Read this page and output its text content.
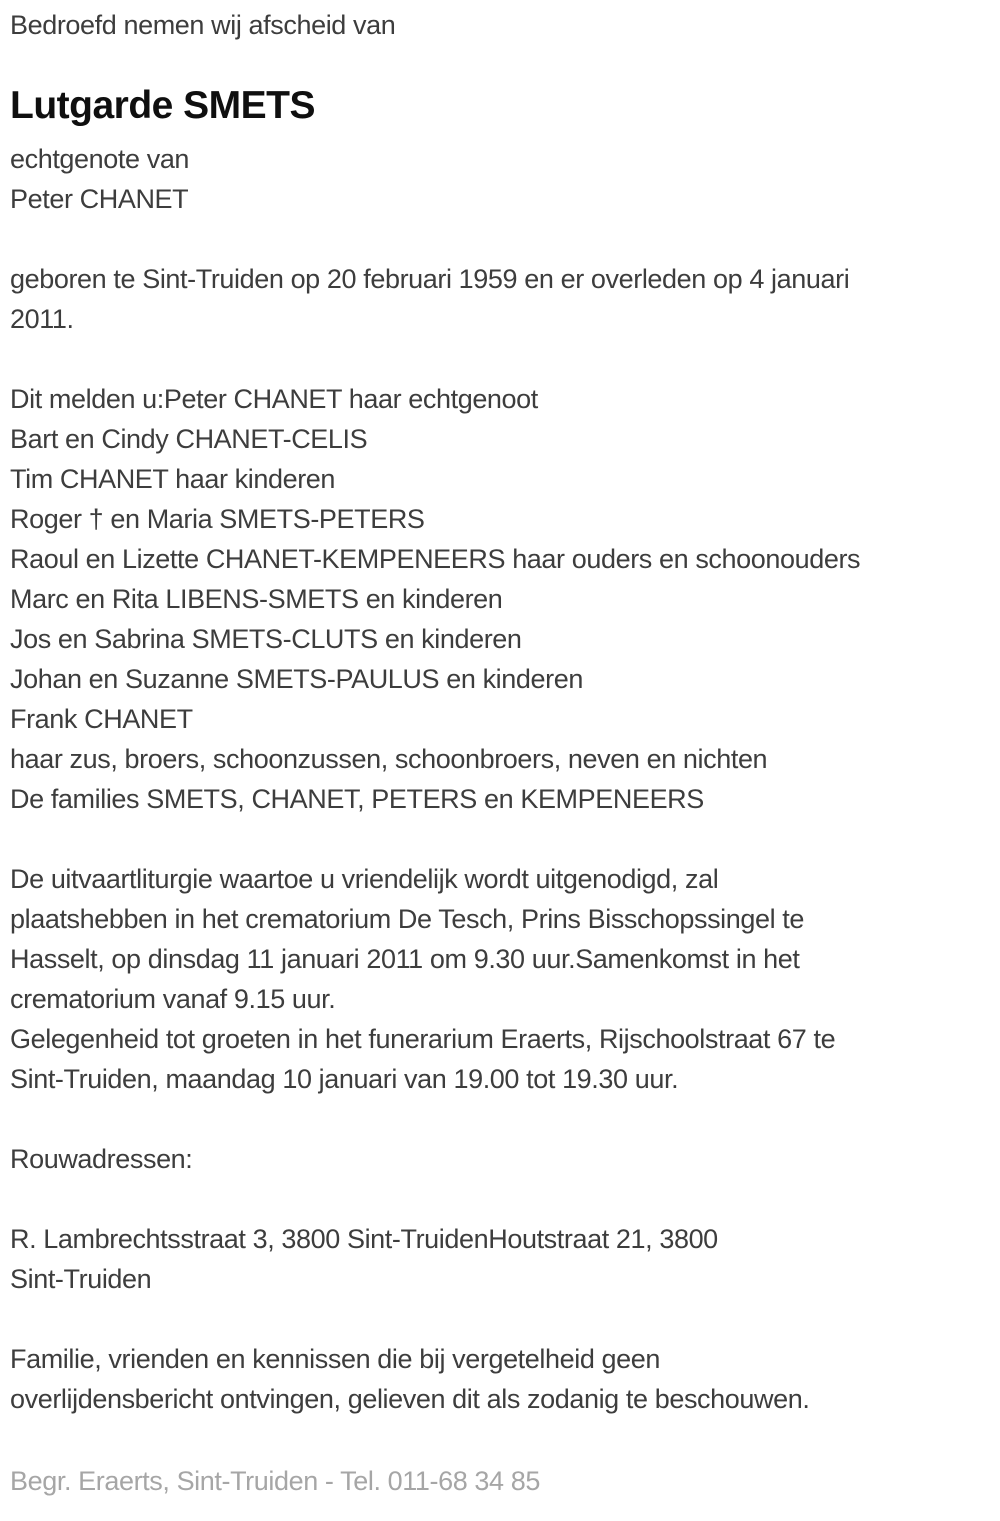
Bedroefd nemen wij afscheid van

Lutgarde SMETS
echtgenote van
Peter CHANET
geboren te Sint-Truiden op 20 februari 1959 en er overleden op 4 januari
2011.
Dit melden u:Peter CHANET haar echtgenoot
Bart en Cindy CHANET-CELIS
Tim CHANET haar kinderen
Roger † en Maria SMETS-PETERS
Raoul en Lizette CHANET-KEMPENEERS haar ouders en schoonouders
Marc en Rita LIBENS-SMETS en kinderen
Jos en Sabrina SMETS-CLUTS en kinderen
Johan en Suzanne SMETS-PAULUS en kinderen
Frank CHANET
haar zus, broers, schoonzussen, schoonbroers, neven en nichten
De families SMETS, CHANET, PETERS en KEMPENEERS
De uitvaartliturgie waartoe u vriendelijk wordt uitgenodigd, zal
plaatshebben in het crematorium De Tesch, Prins Bisschopssingel te
Hasselt, op dinsdag 11 januari 2011 om 9.30 uur.Samenkomst in het
crematorium vanaf 9.15 uur.
Gelegenheid tot groeten in het funerarium Eraerts, Rijschoolstraat 67 te
Sint-Truiden, maandag 10 januari van 19.00 tot 19.30 uur.

Rouwadressen:

R. Lambrechtsstraat 3, 3800 Sint-TruidenHoutstraat 21, 3800
Sint-Truiden
Familie, vrienden en kennissen die bij vergetelheid geen
overlijdensbericht ontvingen, gelieven dit als zodanig te beschouwen.

Begr. Eraerts, Sint-Truiden - Tel. 011-68 34 85
